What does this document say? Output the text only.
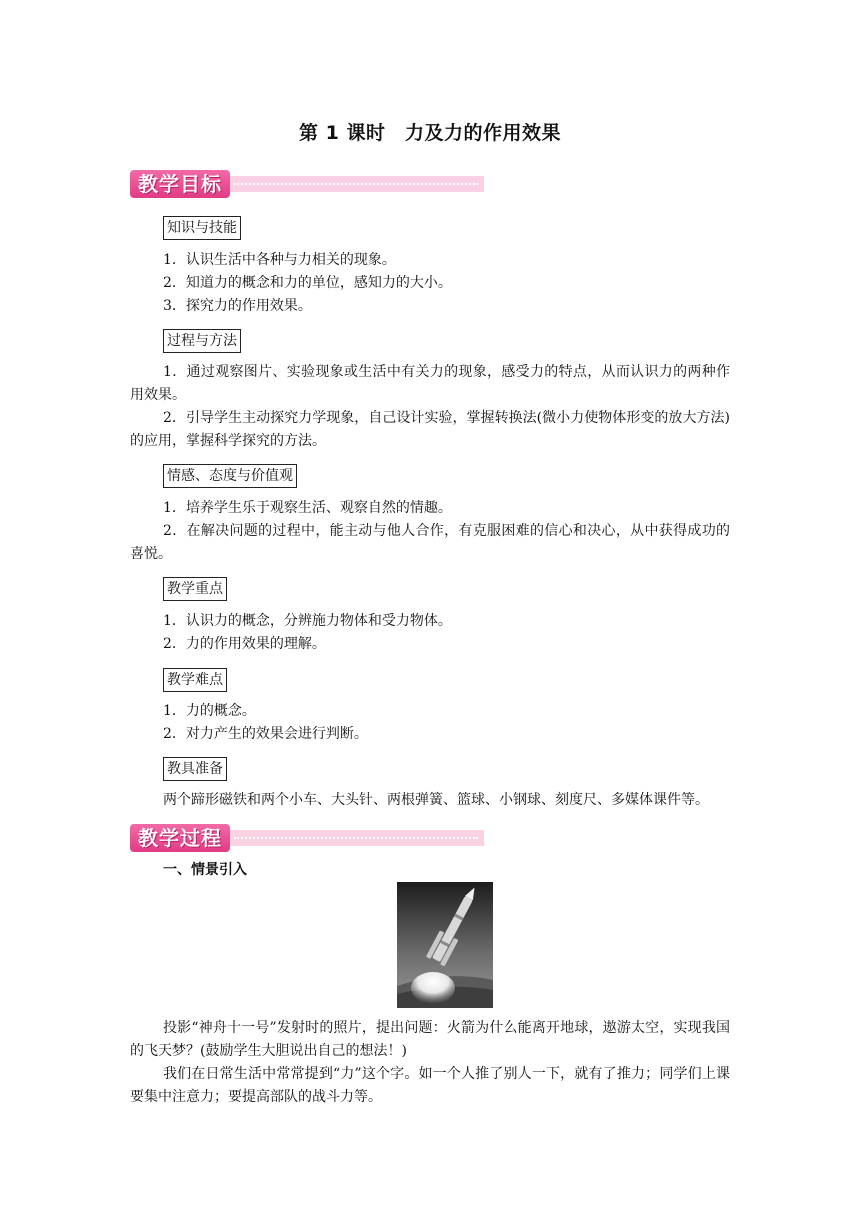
第 1 课时　力及力的作用效果
教学目标
知识与技能
1．认识生活中各种与力相关的现象。
2．知道力的概念和力的单位，感知力的大小。
3．探究力的作用效果。
过程与方法
1．通过观察图片、实验现象或生活中有关力的现象，感受力的特点，从而认识力的两种作用效果。
2．引导学生主动探究力学现象，自己设计实验，掌握转换法(微小力使物体形变的放大方法)的应用，掌握科学探究的方法。
情感、态度与价值观
1．培养学生乐于观察生活、观察自然的情趣。
2．在解决问题的过程中，能主动与他人合作，有克服困难的信心和决心，从中获得成功的喜悦。
教学重点
1．认识力的概念，分辨施力物体和受力物体。
2．力的作用效果的理解。
教学难点
1．力的概念。
2．对力产生的效果会进行判断。
教具准备
两个蹄形磁铁和两个小车、大头针、两根弹簧、篮球、小钢球、刻度尺、多媒体课件等。
教学过程
一、情景引入
投影“神舟十一号”发射时的照片，提出问题：火箭为什么能离开地球，遨游太空，实现我国的飞天梦？(鼓励学生大胆说出自己的想法！)
我们在日常生活中常常提到“力”这个字。如一个人推了别人一下，就有了推力；同学们上课要集中注意力；要提高部队的战斗力等。
